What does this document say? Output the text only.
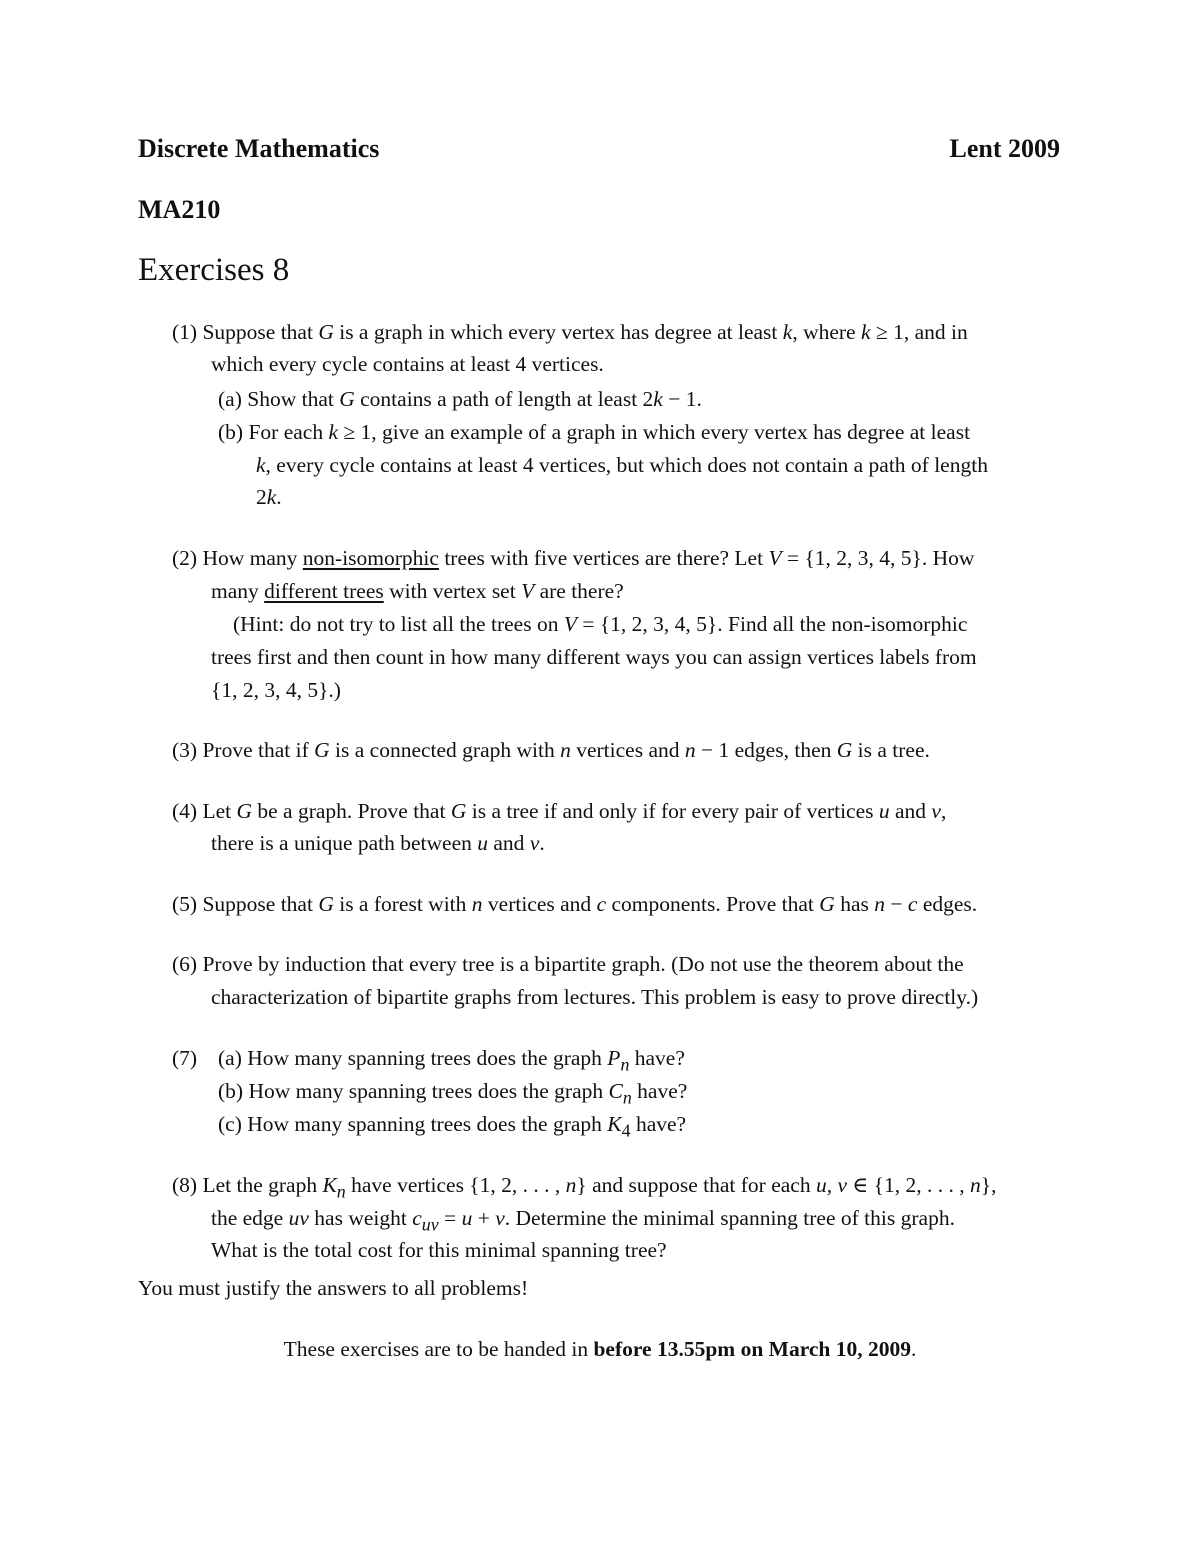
Discrete Mathematics	Lent 2009
MA210
Exercises 8
(1) Suppose that G is a graph in which every vertex has degree at least k, where k ≥ 1, and in
which every cycle contains at least 4 vertices.
(a) Show that G contains a path of length at least 2k − 1.
(b) For each k ≥ 1, give an example of a graph in which every vertex has degree at least
k, every cycle contains at least 4 vertices, but which does not contain a path of length
2k.
(2) How many non-isomorphic trees with five vertices are there? Let V = {1, 2, 3, 4, 5}. How
many different trees with vertex set V are there?
(Hint: do not try to list all the trees on V = {1, 2, 3, 4, 5}. Find all the non-isomorphic
trees first and then count in how many different ways you can assign vertices labels from
{1, 2, 3, 4, 5}.)
(3) Prove that if G is a connected graph with n vertices and n − 1 edges, then G is a tree.
(4) Let G be a graph. Prove that G is a tree if and only if for every pair of vertices u and v,
there is a unique path between u and v.
(5) Suppose that G is a forest with n vertices and c components. Prove that G has n − c edges.
(6) Prove by induction that every tree is a bipartite graph. (Do not use the theorem about the
characterization of bipartite graphs from lectures. This problem is easy to prove directly.)
(7) (a) How many spanning trees does the graph $P_n$ have?
(b) How many spanning trees does the graph $C_n$ have?
(c) How many spanning trees does the graph $K_4$ have?
(8) Let the graph $K_n$ have vertices {1, 2, . . . , n} and suppose that for each u, v ∈ {1, 2, . . . , n},
the edge uv has weight $c_{uv} = u + v$. Determine the minimal spanning tree of this graph.
What is the total cost for this minimal spanning tree?
You must justify the answers to all problems!
These exercises are to be handed in before 13.55pm on March 10, 2009.
